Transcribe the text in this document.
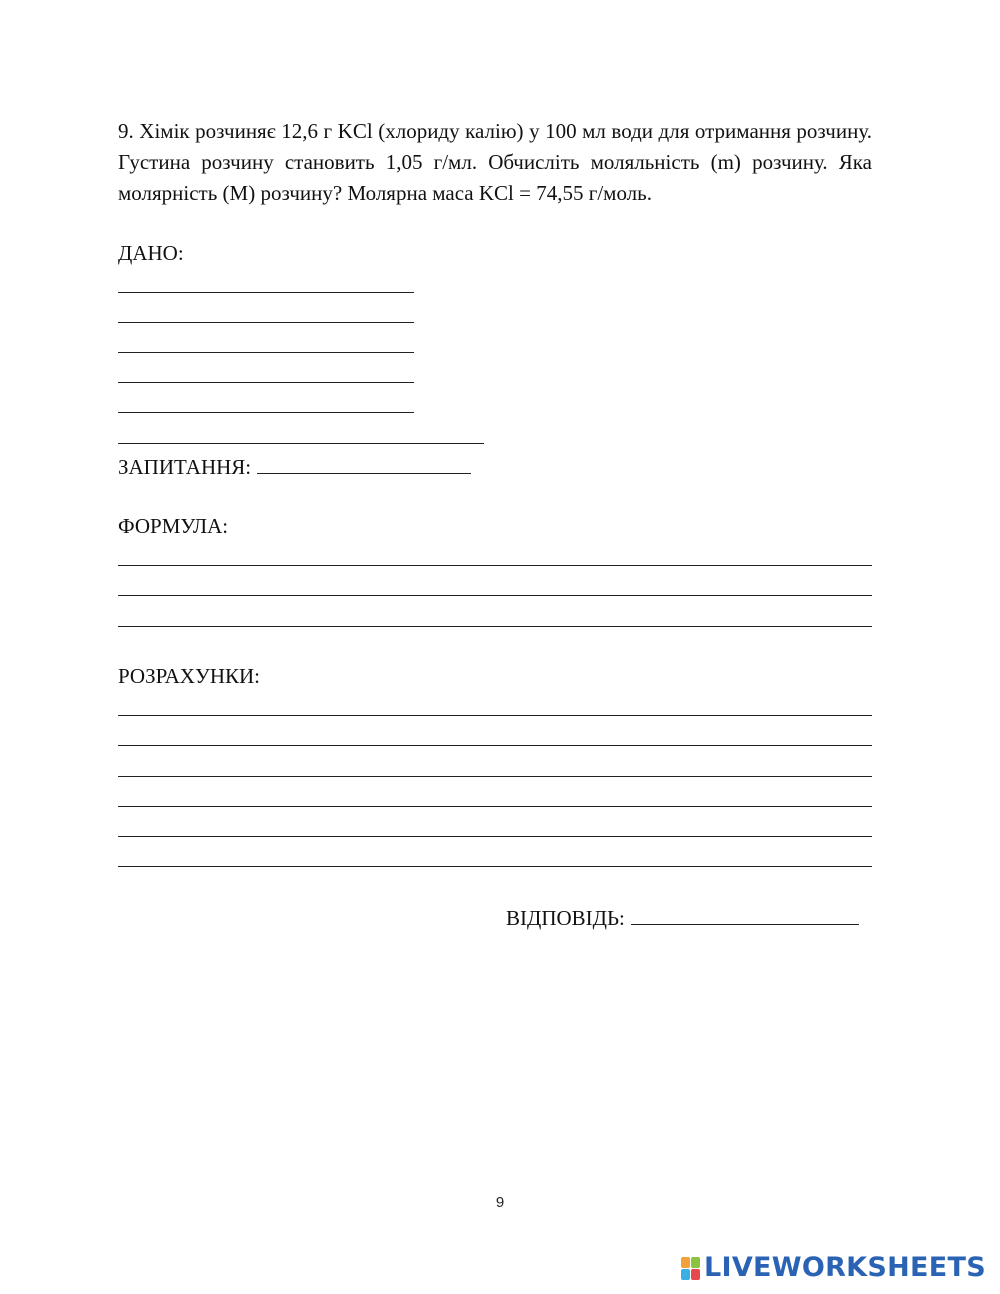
9. Хімік розчиняє 12,6 г KCl (хлориду калію) у 100 мл води для отримання розчину. Густина розчину становить 1,05 г/мл. Обчисліть моляльність (m) розчину. Яка молярність (M) розчину? Молярна маса KCl = 74,55 г/моль.

ДАНО:
ЗАПИТАННЯ:
ФОРМУЛА:
РОЗРАХУНКИ:
ВІДПОВІДЬ:
9
LIVEWORKSHEETS
